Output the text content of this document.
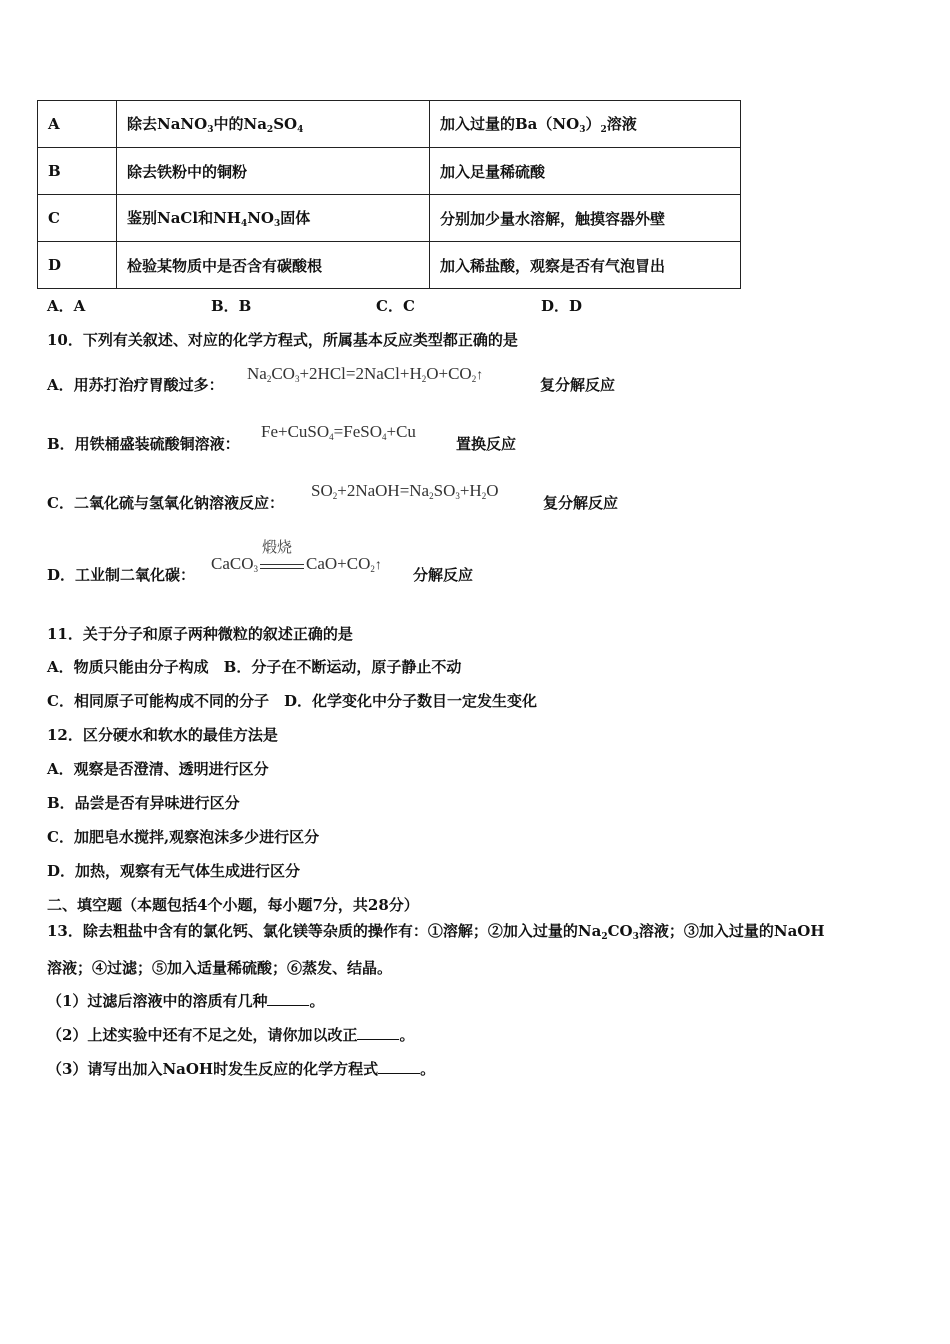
A	除去NaNO$_3$中的$Na_2SO_4$	加入过量的$Ba(NO_3)_2$溶液
B	除去铁粉中的铜粉	加入足量稀硫酸
C	鉴别NaCl和$NH_4NO_3$固体	分别加少量水溶解，触摸容器外壁
D	检验某物质中是否含有碳酸根	加入稀盐酸，观察是否有气泡冒出
A．A	B．B	C．C	D．D
10．下列有关叙述、对应的化学方程式，所属基本反应类型都正确的是
A．用苏打治疗胃酸过多：
$Na_2CO_3+2HCl=2NaCl+H_2O+CO_2↑$
复分解反应
B．用铁桶盛装硫酸铜溶液：
Fe+CuSO$_4$=FeSO$_4$+Cu
置换反应
C．二氧化硫与氢氧化钠溶液反应：
$SO_2+2NaOH=Na_2SO_3+H_2O$
复分解反应
D．工业制二氧化碳：
CaCO$_3$
煅烧
$CaO+CO_2↑$
分解反应
11．关于分子和原子两种微粒的叙述正确的是
A．物质只能由分子构成　B．分子在不断运动，原子静止不动
C．相同原子可能构成不同的分子　D．化学变化中分子数目一定发生变化
12．区分硬水和软水的最佳方法是
A．观察是否澄清、透明进行区分
B．品尝是否有异味进行区分
C．加肥皂水搅拌,观察泡沫多少进行区分
D．加热，观察有无气体生成进行区分
二、填空题（本题包括4个小题，每小题7分，共28分）
13．除去粗盐中含有的氯化钙、氯化镁等杂质的操作有：①溶解；②加入过量的$Na_2CO_3$溶液；③加入过量的NaOH
溶液；④过滤；⑤加入适量稀硫酸；⑥蒸发、结晶。
（1）过滤后溶液中的溶质有几种	。
（2）上述实验中还有不足之处，请你加以改正	。
（3）请写出加入NaOH时发生反应的化学方程式	。
